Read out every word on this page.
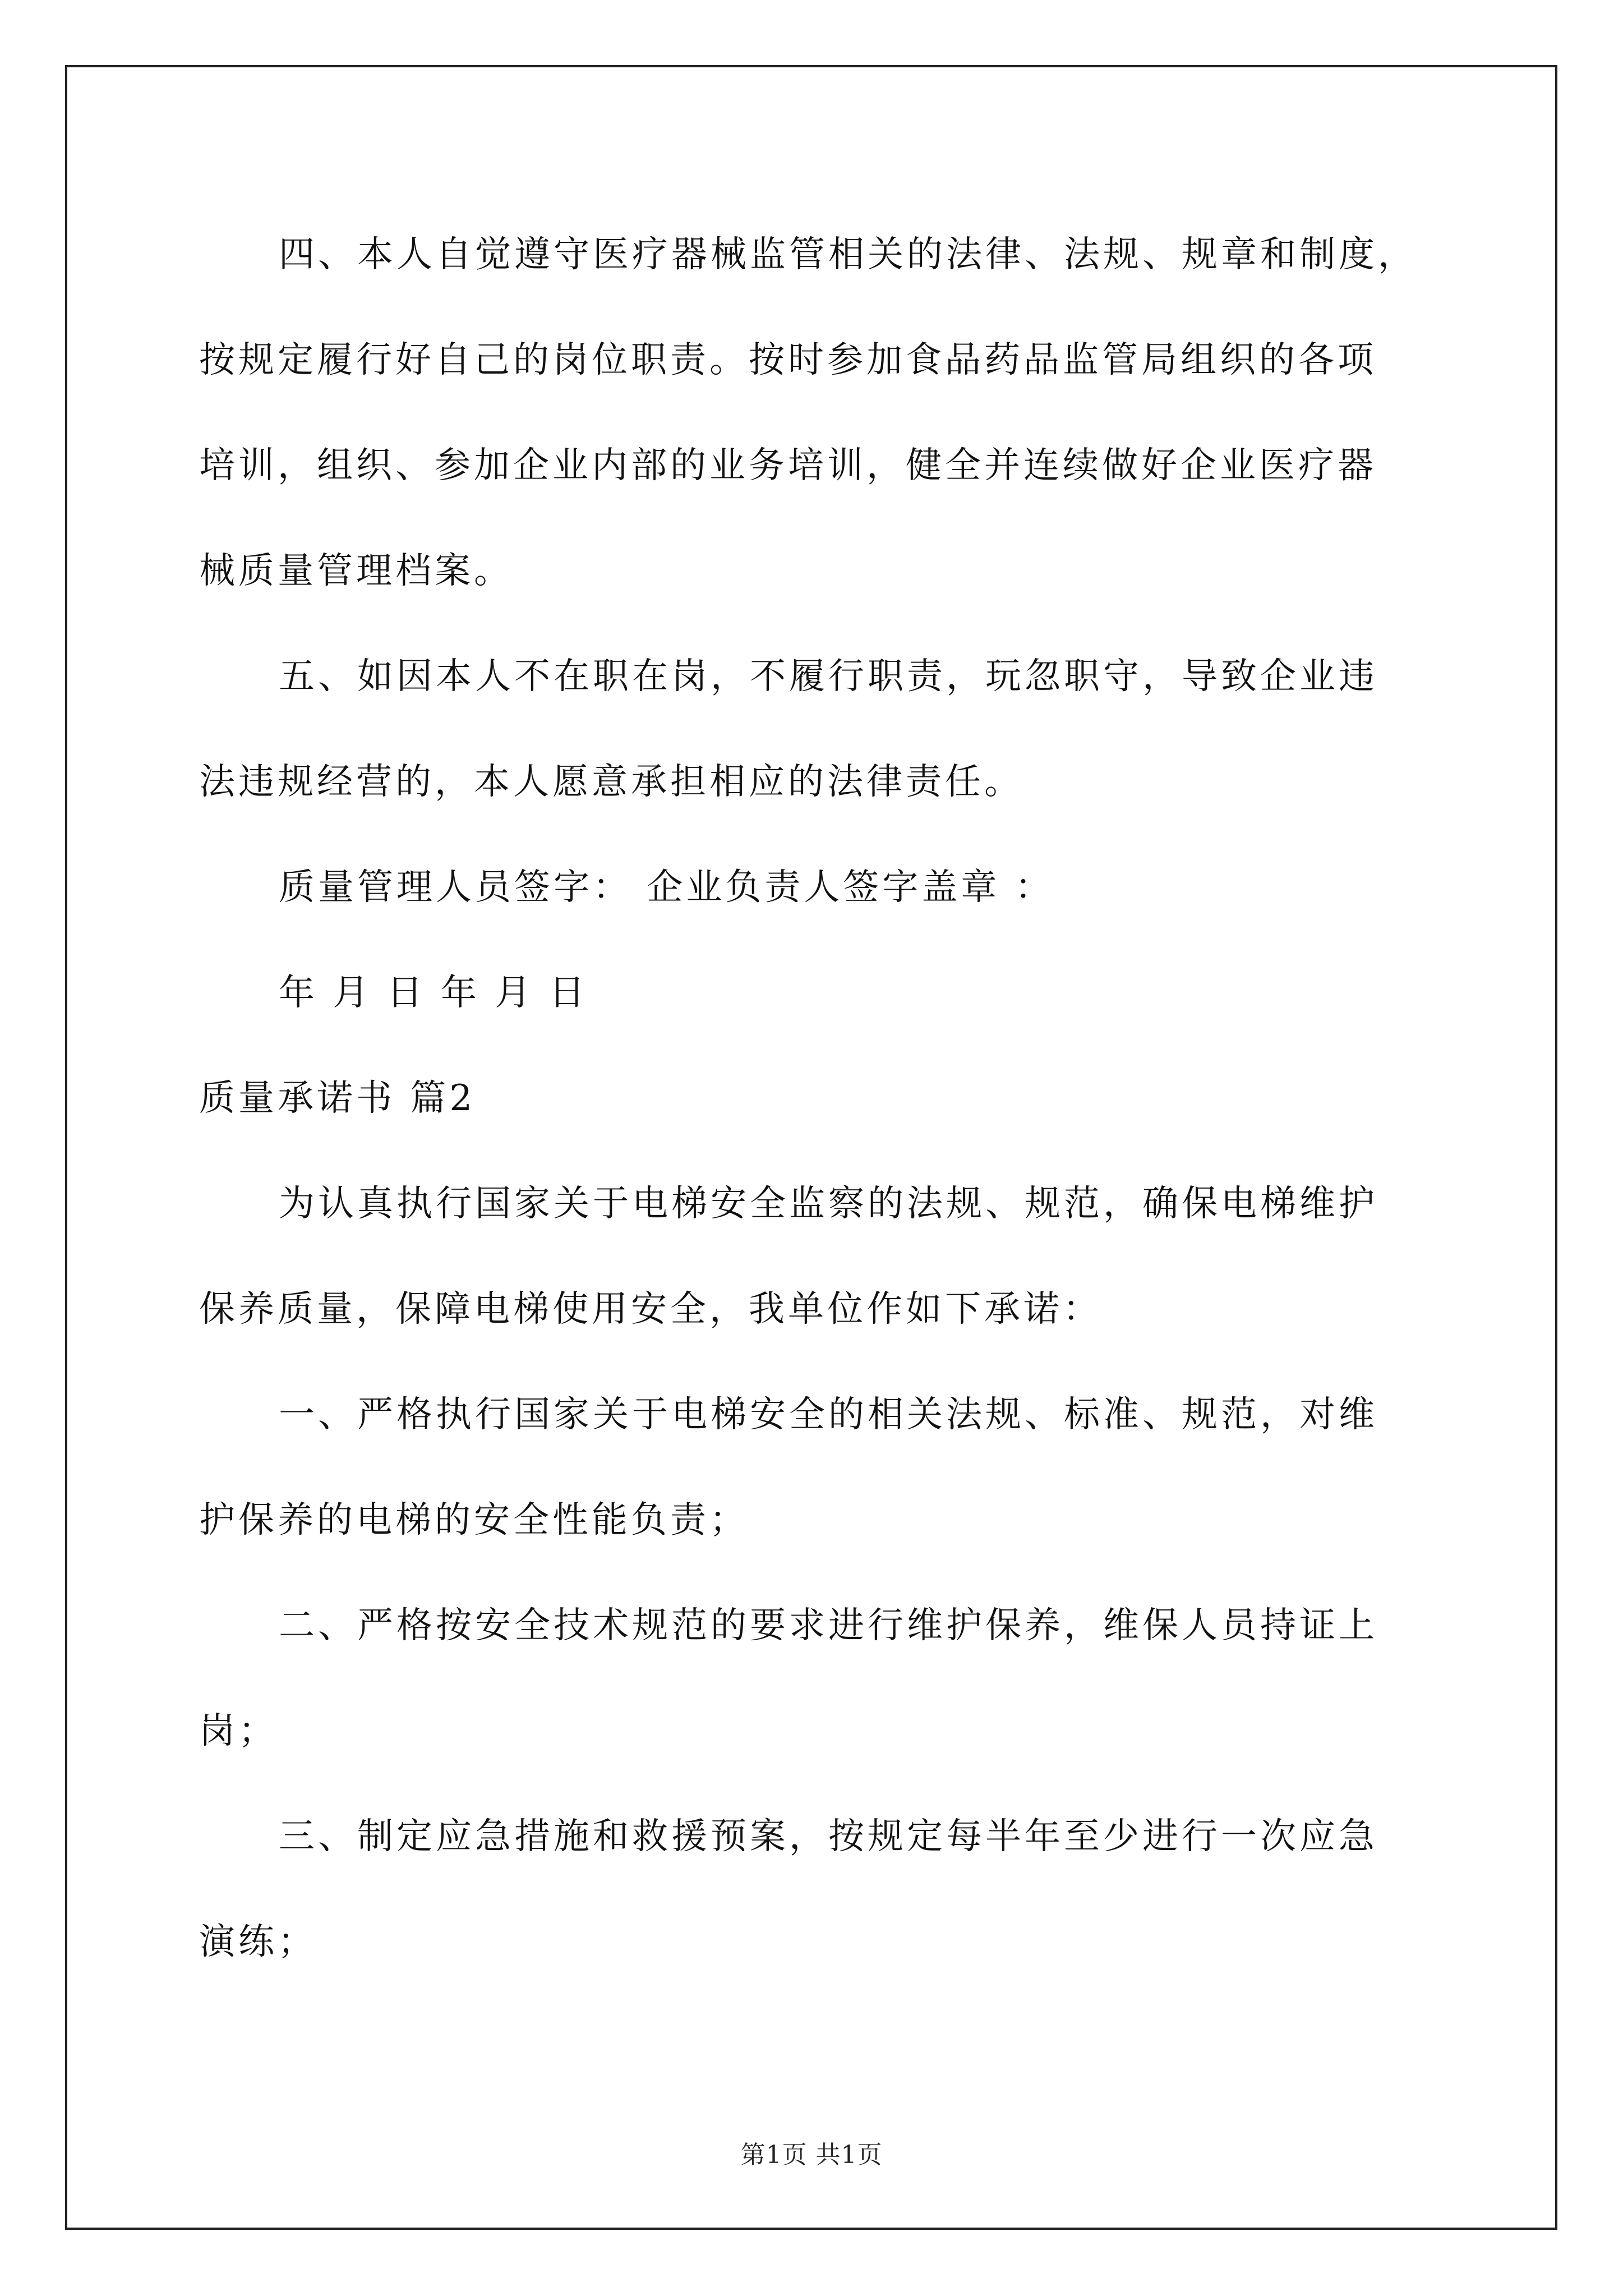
四、本人自觉遵守医疗器械监管相关的法律、法规、规章和制度，

按规定履行好自己的岗位职责。按时参加食品药品监管局组织的各项

培训，组织、参加企业内部的业务培训，健全并连续做好企业医疗器

械质量管理档案。

五、如因本人不在职在岗，不履行职责，玩忽职守，导致企业违

法违规经营的，本人愿意承担相应的法律责任。

质量管理人员签字： 企业负责人签字盖章 ：

年 月 日 年 月 日

质量承诺书 篇2

为认真执行国家关于电梯安全监察的法规、规范，确保电梯维护

保养质量，保障电梯使用安全，我单位作如下承诺：

一、严格执行国家关于电梯安全的相关法规、标准、规范，对维

护保养的电梯的安全性能负责；

二、严格按安全技术规范的要求进行维护保养，维保人员持证上

岗；

三、制定应急措施和救援预案，按规定每半年至少进行一次应急

演练；

第1页 共1页
